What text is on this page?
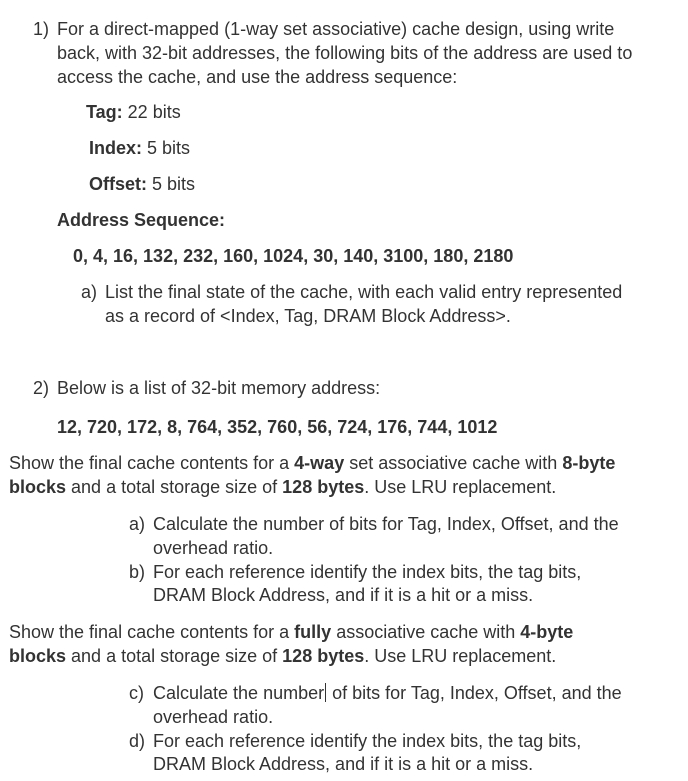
1) For a direct-mapped (1-way set associative) cache design, using write
back, with 32-bit addresses, the following bits of the address are used to
access the cache, and use the address sequence:
Tag: 22 bits
Index: 5 bits
Offset: 5 bits
Address Sequence:
0, 4, 16, 132, 232, 160, 1024, 30, 140, 3100, 180, 2180
a) List the final state of the cache, with each valid entry represented
as a record of <Index, Tag, DRAM Block Address>.
2) Below is a list of 32-bit memory address:
12, 720, 172, 8, 764, 352, 760, 56, 724, 176, 744, 1012
Show the final cache contents for a 4-way set associative cache with 8-byte
blocks and a total storage size of 128 bytes. Use LRU replacement.
a) Calculate the number of bits for Tag, Index, Offset, and the
overhead ratio.
b) For each reference identify the index bits, the tag bits,
DRAM Block Address, and if it is a hit or a miss.
Show the final cache contents for a fully associative cache with 4-byte
blocks and a total storage size of 128 bytes. Use LRU replacement.
c) Calculate the number of bits for Tag, Index, Offset, and the
overhead ratio.
d) For each reference identify the index bits, the tag bits,
DRAM Block Address, and if it is a hit or a miss.
